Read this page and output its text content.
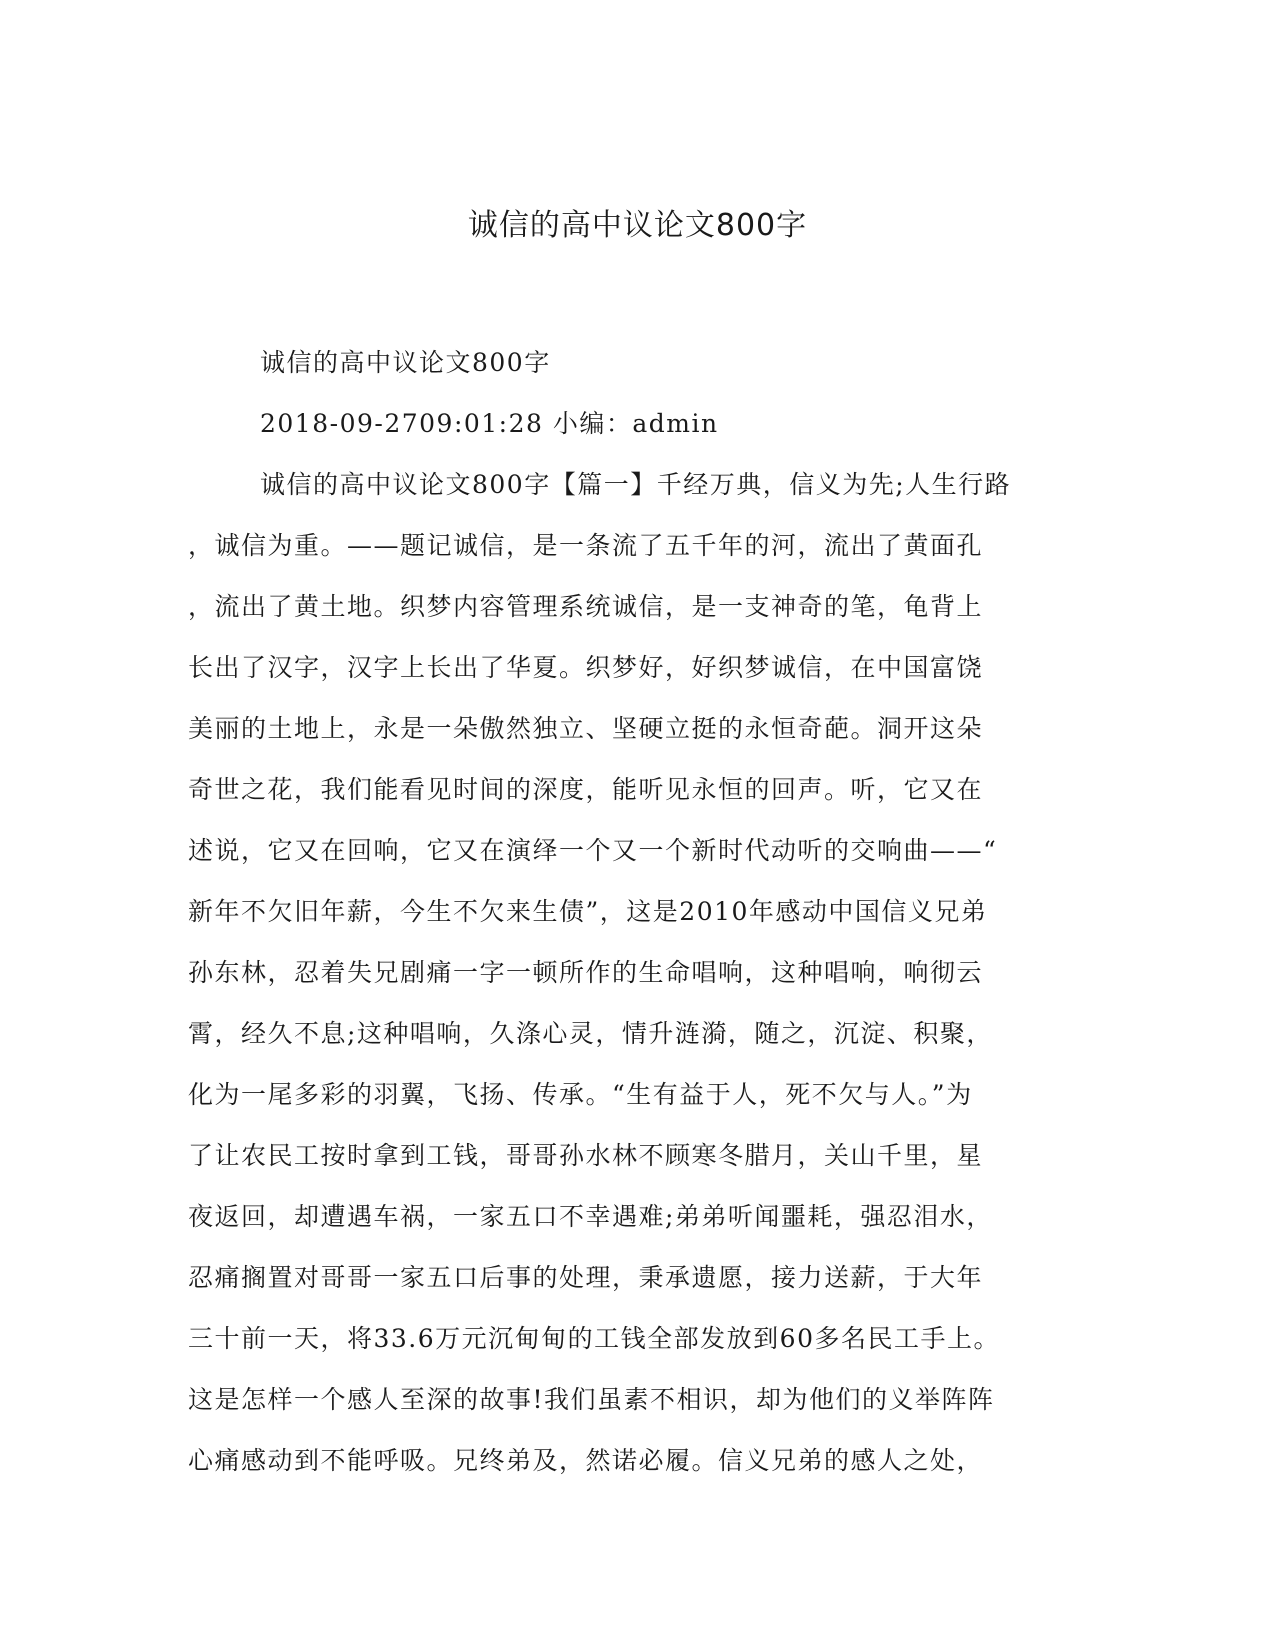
诚信的高中议论文800字
诚信的高中议论文800字
2018-09-2709:01:28 小编：admin
诚信的高中议论文800字【篇一】千经万典，信义为先;人生行路
，诚信为重。——题记诚信，是一条流了五千年的河，流出了黄面孔
，流出了黄土地。织梦内容管理系统诚信，是一支神奇的笔，龟背上
长出了汉字，汉字上长出了华夏。织梦好，好织梦诚信，在中国富饶
美丽的土地上，永是一朵傲然独立、坚硬立挺的永恒奇葩。洞开这朵
奇世之花，我们能看见时间的深度，能听见永恒的回声。听，它又在
述说，它又在回响，它又在演绎一个又一个新时代动听的交响曲——“
新年不欠旧年薪，今生不欠来生债”，这是2010年感动中国信义兄弟
孙东林，忍着失兄剧痛一字一顿所作的生命唱响，这种唱响，响彻云
霄，经久不息;这种唱响，久涤心灵，情升涟漪，随之，沉淀、积聚，
化为一尾多彩的羽翼，飞扬、传承。“生有益于人，死不欠与人。”为
了让农民工按时拿到工钱，哥哥孙水林不顾寒冬腊月，关山千里，星
夜返回，却遭遇车祸，一家五口不幸遇难;弟弟听闻噩耗，强忍泪水，
忍痛搁置对哥哥一家五口后事的处理，秉承遗愿，接力送薪，于大年
三十前一天，将33.6万元沉甸甸的工钱全部发放到60多名民工手上。
这是怎样一个感人至深的故事!我们虽素不相识，却为他们的义举阵阵
心痛感动到不能呼吸。兄终弟及，然诺必履。信义兄弟的感人之处，
